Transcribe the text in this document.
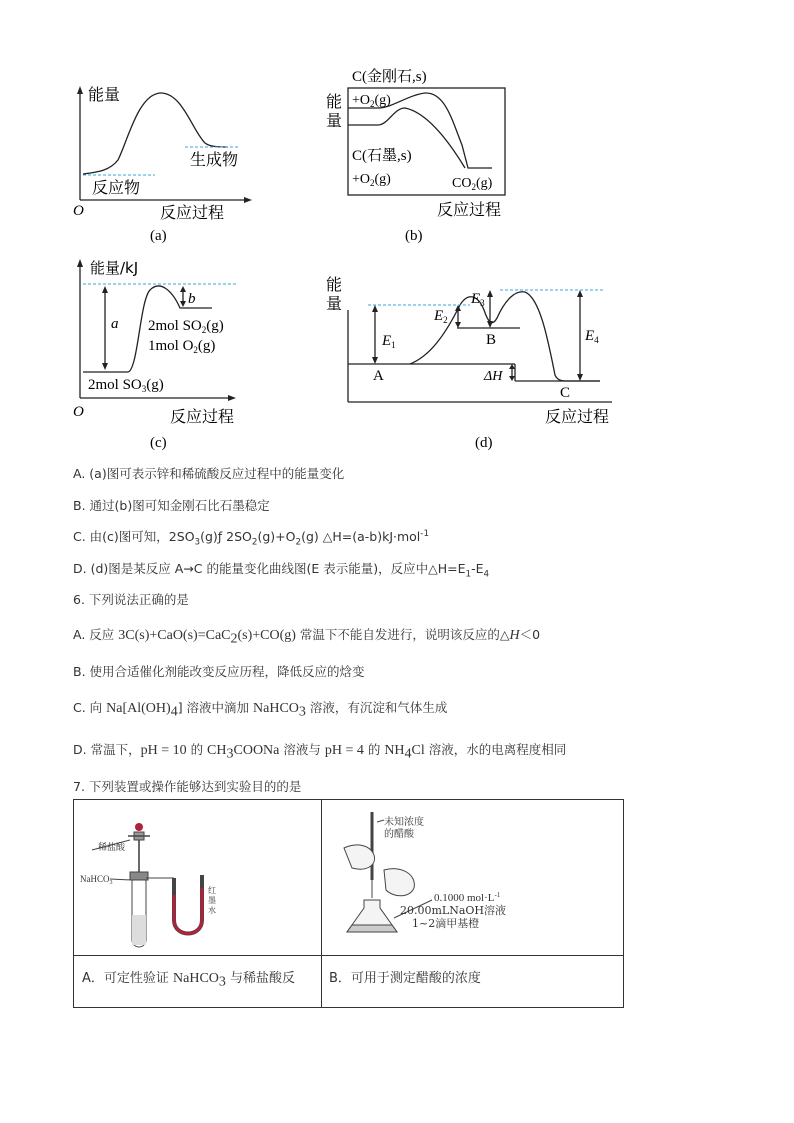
能量
反应物
生成物
O	反应过程
(a)
C(金刚石,s)
能
量
$+O_2(g)$
C(石墨,s)
$+O_2(g)$	$CO_2(g)$
反应过程
(b)
能量/kJ
a
b
2mol $SO_2(g)$
1mol $O_2(g)$
2mol $SO_3(g)$
O	反应过程
(c)
能
量
$E_1$
$E_2$
$E_3$
$E_4$
A
B
C
ΔH
反应过程
(d)
A. (a)图可表示锌和稀硫酸反应过程中的能量变化
B. 通过(b)图可知金刚石比石墨稳定
C. 由(c)图可知，$2SO_3(g)ƒ$ $2SO_2(g)+O_2(g)$ △H=(a-b)kJ·mol$^{-1}$
D. (d)图是某反应 A→C 的能量变化曲线图(E 表示能量)，反应中$\triangle H=E_1-E_4$
6. 下列说法正确的是
A. 反应 3C(s)+CaO(s)=CaC$_2$(s)+CO(g) 常温下不能自发进行，说明该反应的△H＜0
B. 使用合适催化剂能改变反应历程，降低反应的焓变
C. 向 $Na[Al(OH)_4]$ 溶液中滴加 NaHCO$_3$ 溶液，有沉淀和气体生成
D. 常温下，pH = 10 的 $CH_3COONa$ 溶液与 pH = 4 的 $NH_4Cl$ 溶液，水的电离程度相同
7. 下列装置或操作能够达到实验目的的是
稀盐酸
NaHCO$_3$
红
墨
水
未知浓度
的醋酸
0.1000 $mol\cdot L^{-1}$
20.00mLNaOH溶液
1~2滴甲基橙
A．可定性验证 NaHCO$_3$ 与稀盐酸反	B．可用于测定醋酸的浓度
